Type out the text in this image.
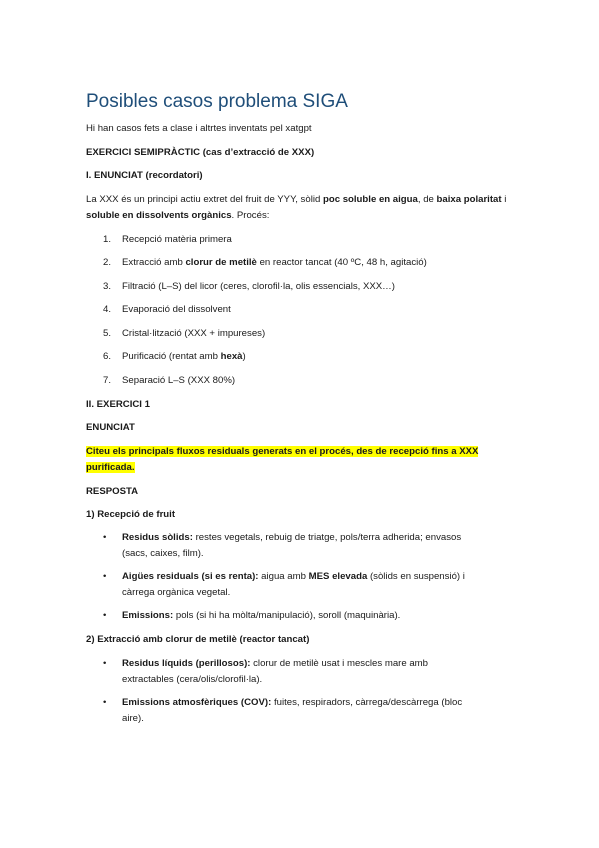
Posibles casos problema SIGA

Hi han casos fets a clase i altrtes inventats pel xatgpt

EXERCICI SEMIPRÀCTIC (cas d’extracció de XXX)

I. ENUNCIAT (recordatori)

La XXX és un principi actiu extret del fruit de YYY, sòlid poc soluble en aigua, de baixa polaritat i soluble en dissolvents orgànics. Procés:

1. Recepció matèria primera
2. Extracció amb clorur de metilè en reactor tancat (40 ºC, 48 h, agitació)
3. Filtració (L–S) del licor (ceres, clorofil·la, olis essencials, XXX…)
4. Evaporació del dissolvent
5. Cristal·lització (XXX + impureses)
6. Purificació (rentat amb hexà)
7. Separació L–S (XXX 80%)

II. EXERCICI 1

ENUNCIAT

Citeu els principals fluxos residuals generats en el procés, des de recepció fins a XXX
purificada.

RESPOSTA

1) Recepció de fruit

• Residus sòlids: restes vegetals, rebuig de triatge, pols/terra adherida; envasos
(sacs, caixes, film).
• Aigües residuals (si es renta): aigua amb MES elevada (sòlids en suspensió) i
càrrega orgànica vegetal.
• Emissions: pols (si hi ha mòlta/manipulació), soroll (maquinària).

2) Extracció amb clorur de metilè (reactor tancat)

• Residus líquids (perillosos): clorur de metilè usat i mescles mare amb
extractables (cera/olis/clorofil·la).
• Emissions atmosfèriques (COV): fuites, respiradors, càrrega/descàrrega (bloc
aire).
